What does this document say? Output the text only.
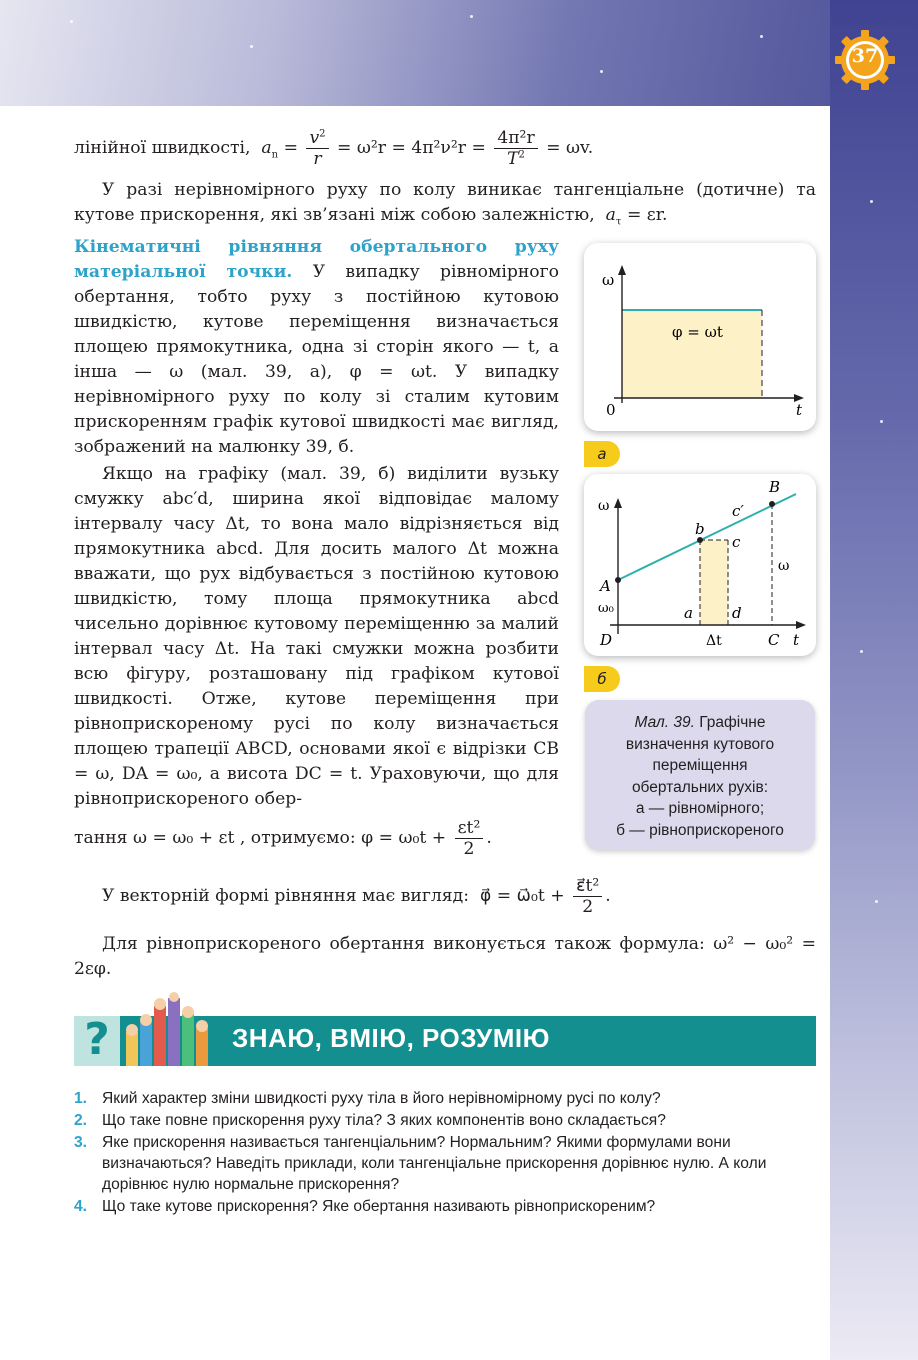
37
лінійної швидкості, $a_n = \frac{v^2}{r} = \omega^2r = 4\pi^2\nu^2r = \frac{\text{4π²r}}{T^2} = \omega v$.
У разі нерівномірного руху по колу виникає тангенціальне (дотичне) та кутове прискорення, які зв’язані між собою залежністю, $a_\tau = \varepsilon r$.
Кінематичні рівняння обертального руху матеріальної точки. У випадку рівномірного обертання, тобто руху з постійною кутовою швидкістю, кутове переміщення визначається площею прямокутника, одна зі сторін якого — t, а інша — ω (мал. 39, а), φ = ωt. У випадку нерівномірного руху по колу зі сталим кутовим прискоренням графік кутової швидкості має вигляд, зображений на малюнку 39, б.
Якщо на графіку (мал. 39, б) виділити вузьку смужку abc′d, ширина якої відповідає малому інтервалу часу Δt, то вона мало відрізняється від прямокутника abcd. Для досить малого Δt можна вважати, що рух відбувається з постійною кутовою швидкістю, тому площа прямокутника abcd чисельно дорівнює кутовому переміщенню за малий інтервал часу Δt. На такі смужки можна розбити всю фігуру, розташовану під графіком кутової швидкості. Отже, кутове переміщення при рівноприскореному русі по колу визначається площею трапеції ABCD, основами якої є відрізки CB = ω, DA = ω₀, а висота DC = t. Ураховуючи, що для рівноприскореного обер-
тання ω = ω₀ + εt , отримуємо: $\varphi = \omega_0t + \frac{\text{εt²}}{2}$ .
ω
t
0
φ = ωt
а
ω
t
A
B
C
D
a
b
c
c′
d
ω₀
ω
Δt
б
Мал. 39. Графічне
визначення кутового
переміщення
обертальних рухів:
а — рівномірного;
б — рівноприскореного
У векторній формі рівняння має вигляд: φ⃗ = ω⃗₀t + $\frac{\text{ε⃗t²}}{2}$ .
Для рівноприскореного обертання виконується також формула: ω² − ω₀² = 2εφ.
?	ЗНАЮ, ВМІЮ, РОЗУМІЮ
1. Який характер зміни швидкості руху тіла в його нерівномірному русі по колу?
2. Що таке повне прискорення руху тіла? З яких компонентів воно складається?
3. Яке прискорення називається тангенціальним? Нормальним? Якими формулами вони визначаються? Наведіть приклади, коли тангенціальне прискорення дорівнює нулю. А коли дорівнює нулю нормальне прискорення?
4. Що таке кутове прискорення? Яке обертання називають рівноприскореним?
